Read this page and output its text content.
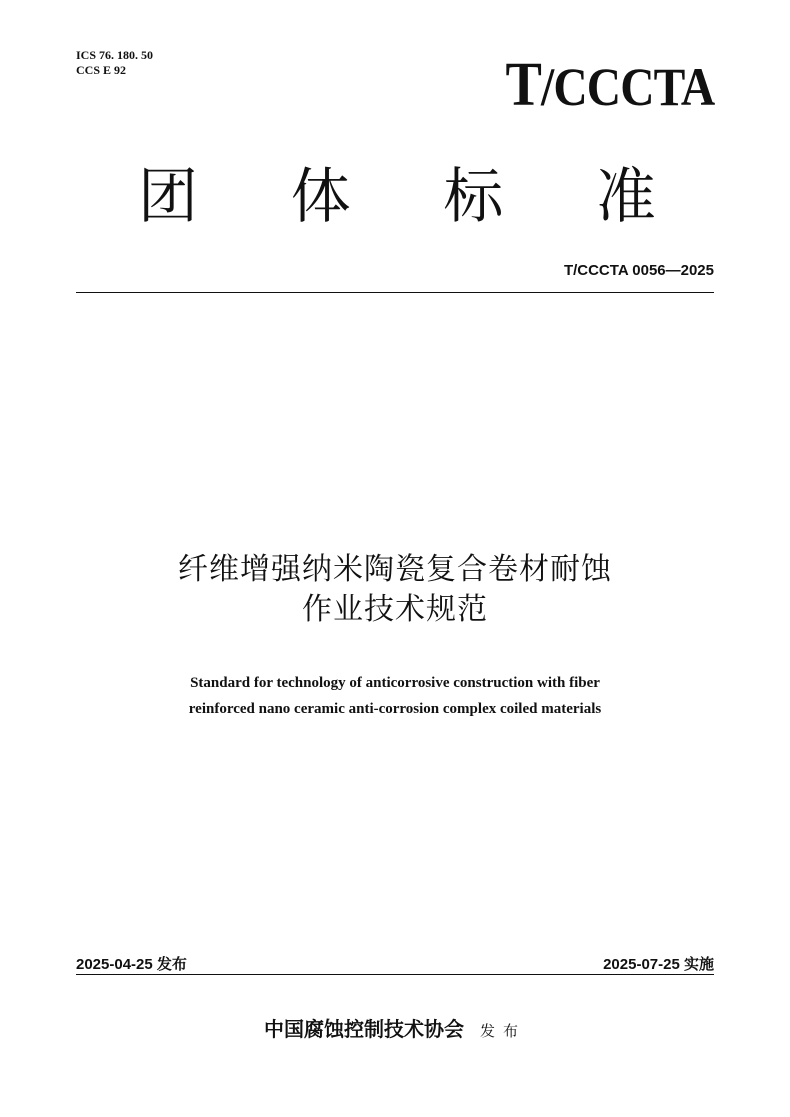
ICS 76. 180. 50
CCS E 92	T/CCCTA
团 体 标 准
T/CCCTA 0056—2025
纤维增强纳米陶瓷复合卷材耐蚀
作业技术规范
Standard for technology of anticorrosive construction with fiber
reinforced nano ceramic anti-corrosion complex coiled materials
2025-04-25 发布	2025-07-25 实施
中国腐蚀控制技术协会 发布
